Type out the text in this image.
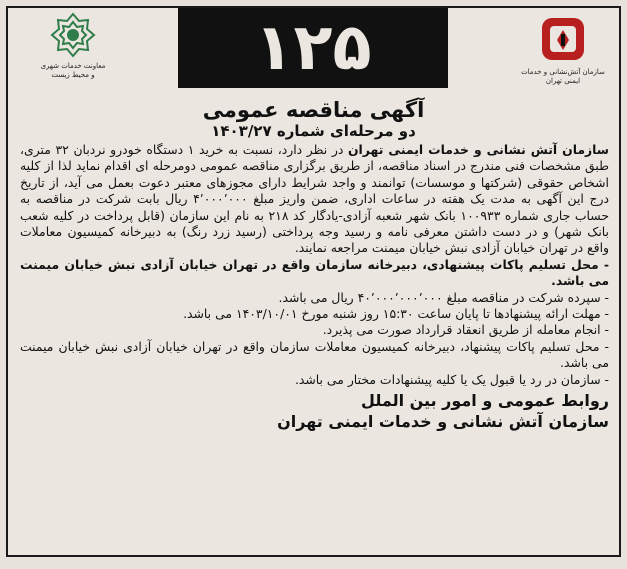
معاونت خدمات شهری
و محیط زیست	۱۲۵	سازمان آتش‌نشانی و خدمات
ایمنی تهران
آگهی مناقصه عمومی
دو مرحله‌ای شماره ۱۴۰۳/۲۷

سازمان آتش نشانی و خدمات ایمنی تهران در نظر دارد، نسبت به خرید ۱ دستگاه خودرو نردبان ۳۲ متری، طبق مشخصات فنی مندرج در اسناد مناقصه، از طریق برگزاری مناقصه عمومی دومرحله ای اقدام نماید لذا از کلیه اشخاص حقوقی (شرکتها و موسسات) توانمند و واجد شرایط دارای مجوزهای معتبر دعوت بعمل می آید، از تاریخ درج این آگهی به مدت یک هفته در ساعات اداری، ضمن واریز مبلغ ۴٬۰۰۰٬۰۰۰ ریال بابت شرکت در مناقصه به حساب جاری شماره ۱۰۰۹۳۳ بانک شهر شعبه آزادی-یادگار کد ۲۱۸ به نام این سازمان (قابل پرداخت در کلیه شعب بانک شهر) و در دست داشتن معرفی نامه و رسید وجه پرداختی (رسید زرد رنگ) به دبیرخانه کمیسیون معاملات واقع در تهران خیابان آزادی نبش خیابان میمنت مراجعه نمایند.

- محل تسلیم پاکات پیشنهادی، دبیرخانه سازمان واقع در تهران خیابان آزادی نبش خیابان میمنت می باشد.
- سپرده شرکت در مناقصه مبلغ ۴۰٬۰۰۰٬۰۰۰٬۰۰۰ ریال می باشد.
- مهلت ارائه پیشنهادها تا پایان ساعت ۱۵:۳۰ روز شنبه مورخ ۱۴۰۳/۱۰/۰۱ می باشد.
- انجام معامله از طریق انعقاد قرارداد صورت می پذیرد.
- محل تسلیم پاکات پیشنهاد، دبیرخانه کمیسیون معاملات سازمان واقع در تهران خیابان آزادی نبش خیابان میمنت می باشد.
- سازمان در رد یا قبول یک یا کلیه پیشنهادات مختار می باشد.
روابط عمومی و امور بین الملل
سازمان آتش نشانی و خدمات ایمنی تهران
